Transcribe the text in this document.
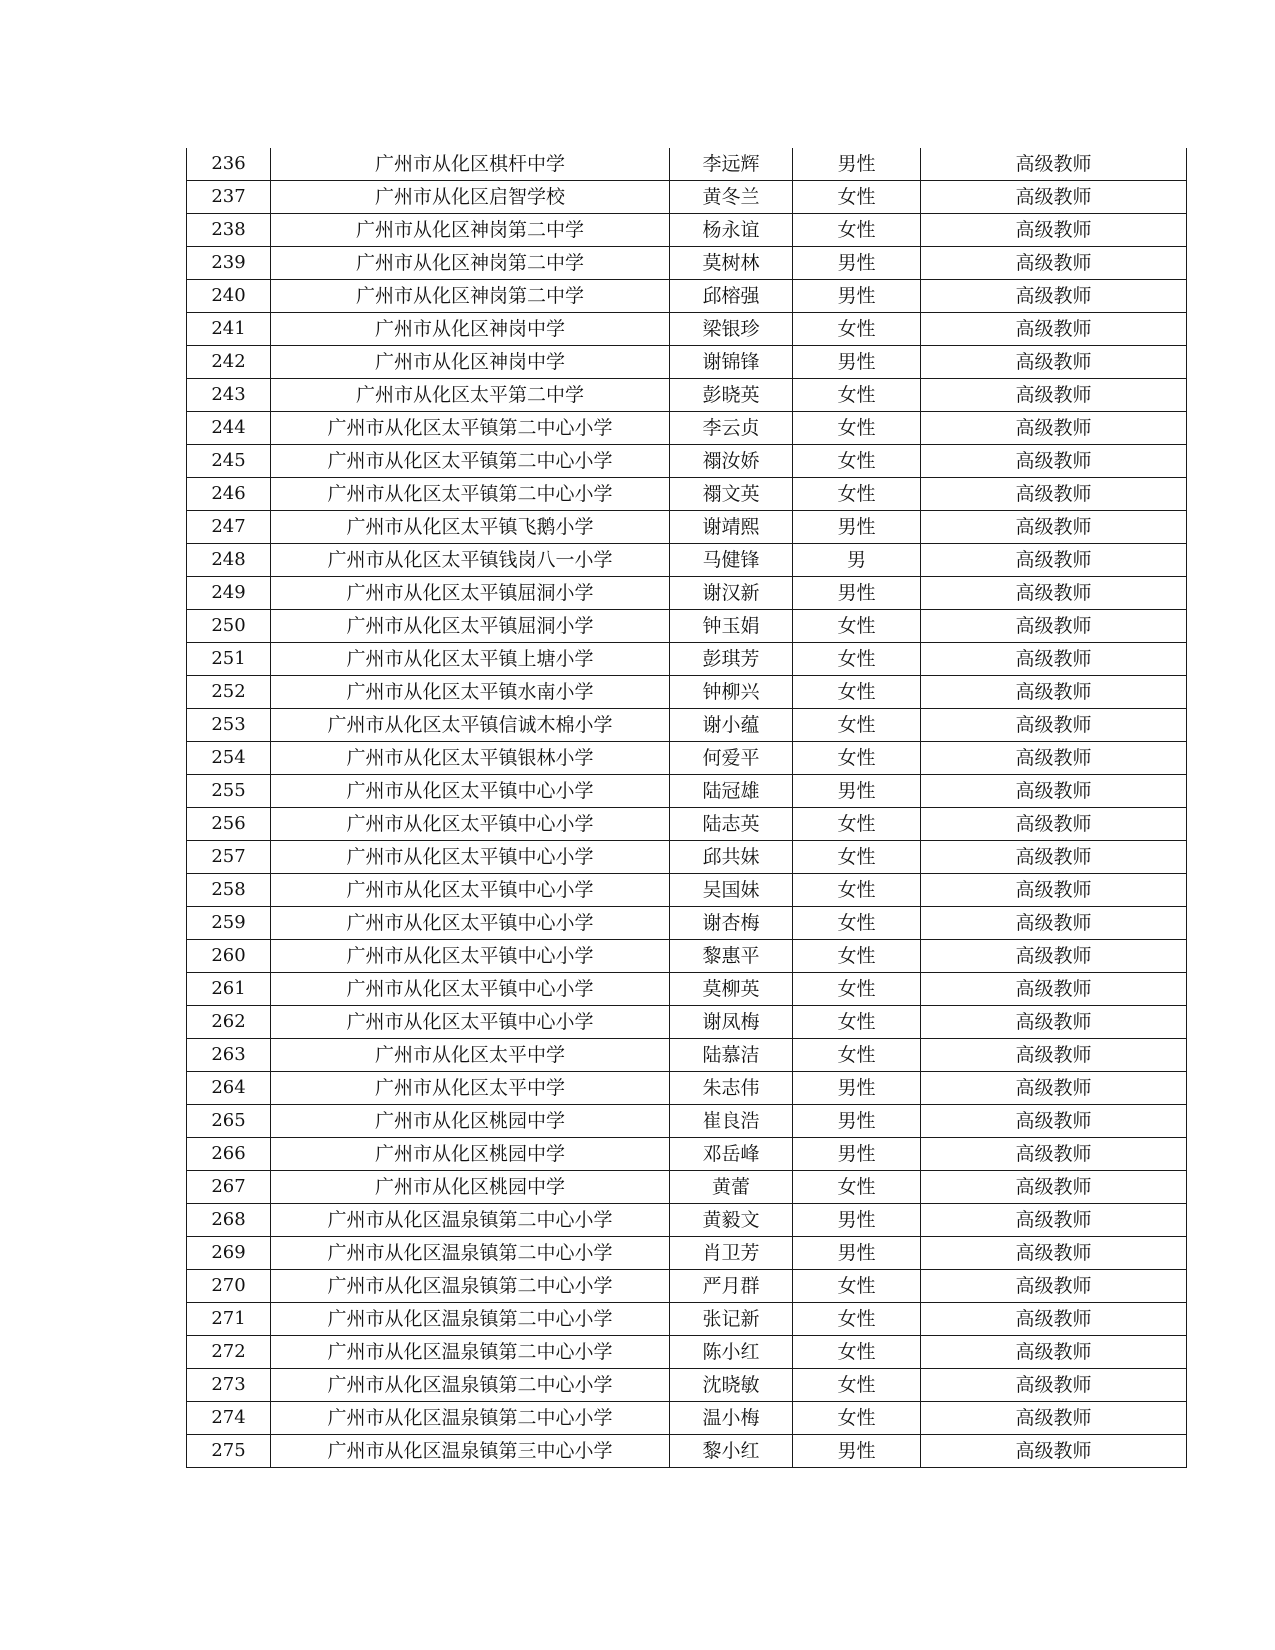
236	广州市从化区棋杆中学	李远辉	男性	高级教师
237	广州市从化区启智学校	黄冬兰	女性	高级教师
238	广州市从化区神岗第二中学	杨永谊	女性	高级教师
239	广州市从化区神岗第二中学	莫树林	男性	高级教师
240	广州市从化区神岗第二中学	邱榕强	男性	高级教师
241	广州市从化区神岗中学	梁银珍	女性	高级教师
242	广州市从化区神岗中学	谢锦锋	男性	高级教师
243	广州市从化区太平第二中学	彭晓英	女性	高级教师
244	广州市从化区太平镇第二中心小学	李云贞	女性	高级教师
245	广州市从化区太平镇第二中心小学	禤汝娇	女性	高级教师
246	广州市从化区太平镇第二中心小学	禤文英	女性	高级教师
247	广州市从化区太平镇飞鹅小学	谢靖熙	男性	高级教师
248	广州市从化区太平镇钱岗八一小学	马健锋	男	高级教师
249	广州市从化区太平镇屈洞小学	谢汉新	男性	高级教师
250	广州市从化区太平镇屈洞小学	钟玉娟	女性	高级教师
251	广州市从化区太平镇上塘小学	彭琪芳	女性	高级教师
252	广州市从化区太平镇水南小学	钟柳兴	女性	高级教师
253	广州市从化区太平镇信诚木棉小学	谢小蕴	女性	高级教师
254	广州市从化区太平镇银林小学	何爱平	女性	高级教师
255	广州市从化区太平镇中心小学	陆冠雄	男性	高级教师
256	广州市从化区太平镇中心小学	陆志英	女性	高级教师
257	广州市从化区太平镇中心小学	邱共妹	女性	高级教师
258	广州市从化区太平镇中心小学	吴国妹	女性	高级教师
259	广州市从化区太平镇中心小学	谢杏梅	女性	高级教师
260	广州市从化区太平镇中心小学	黎惠平	女性	高级教师
261	广州市从化区太平镇中心小学	莫柳英	女性	高级教师
262	广州市从化区太平镇中心小学	谢凤梅	女性	高级教师
263	广州市从化区太平中学	陆慕洁	女性	高级教师
264	广州市从化区太平中学	朱志伟	男性	高级教师
265	广州市从化区桃园中学	崔良浩	男性	高级教师
266	广州市从化区桃园中学	邓岳峰	男性	高级教师
267	广州市从化区桃园中学	黄蕾	女性	高级教师
268	广州市从化区温泉镇第二中心小学	黄毅文	男性	高级教师
269	广州市从化区温泉镇第二中心小学	肖卫芳	男性	高级教师
270	广州市从化区温泉镇第二中心小学	严月群	女性	高级教师
271	广州市从化区温泉镇第二中心小学	张记新	女性	高级教师
272	广州市从化区温泉镇第二中心小学	陈小红	女性	高级教师
273	广州市从化区温泉镇第二中心小学	沈晓敏	女性	高级教师
274	广州市从化区温泉镇第二中心小学	温小梅	女性	高级教师
275	广州市从化区温泉镇第三中心小学	黎小红	男性	高级教师
